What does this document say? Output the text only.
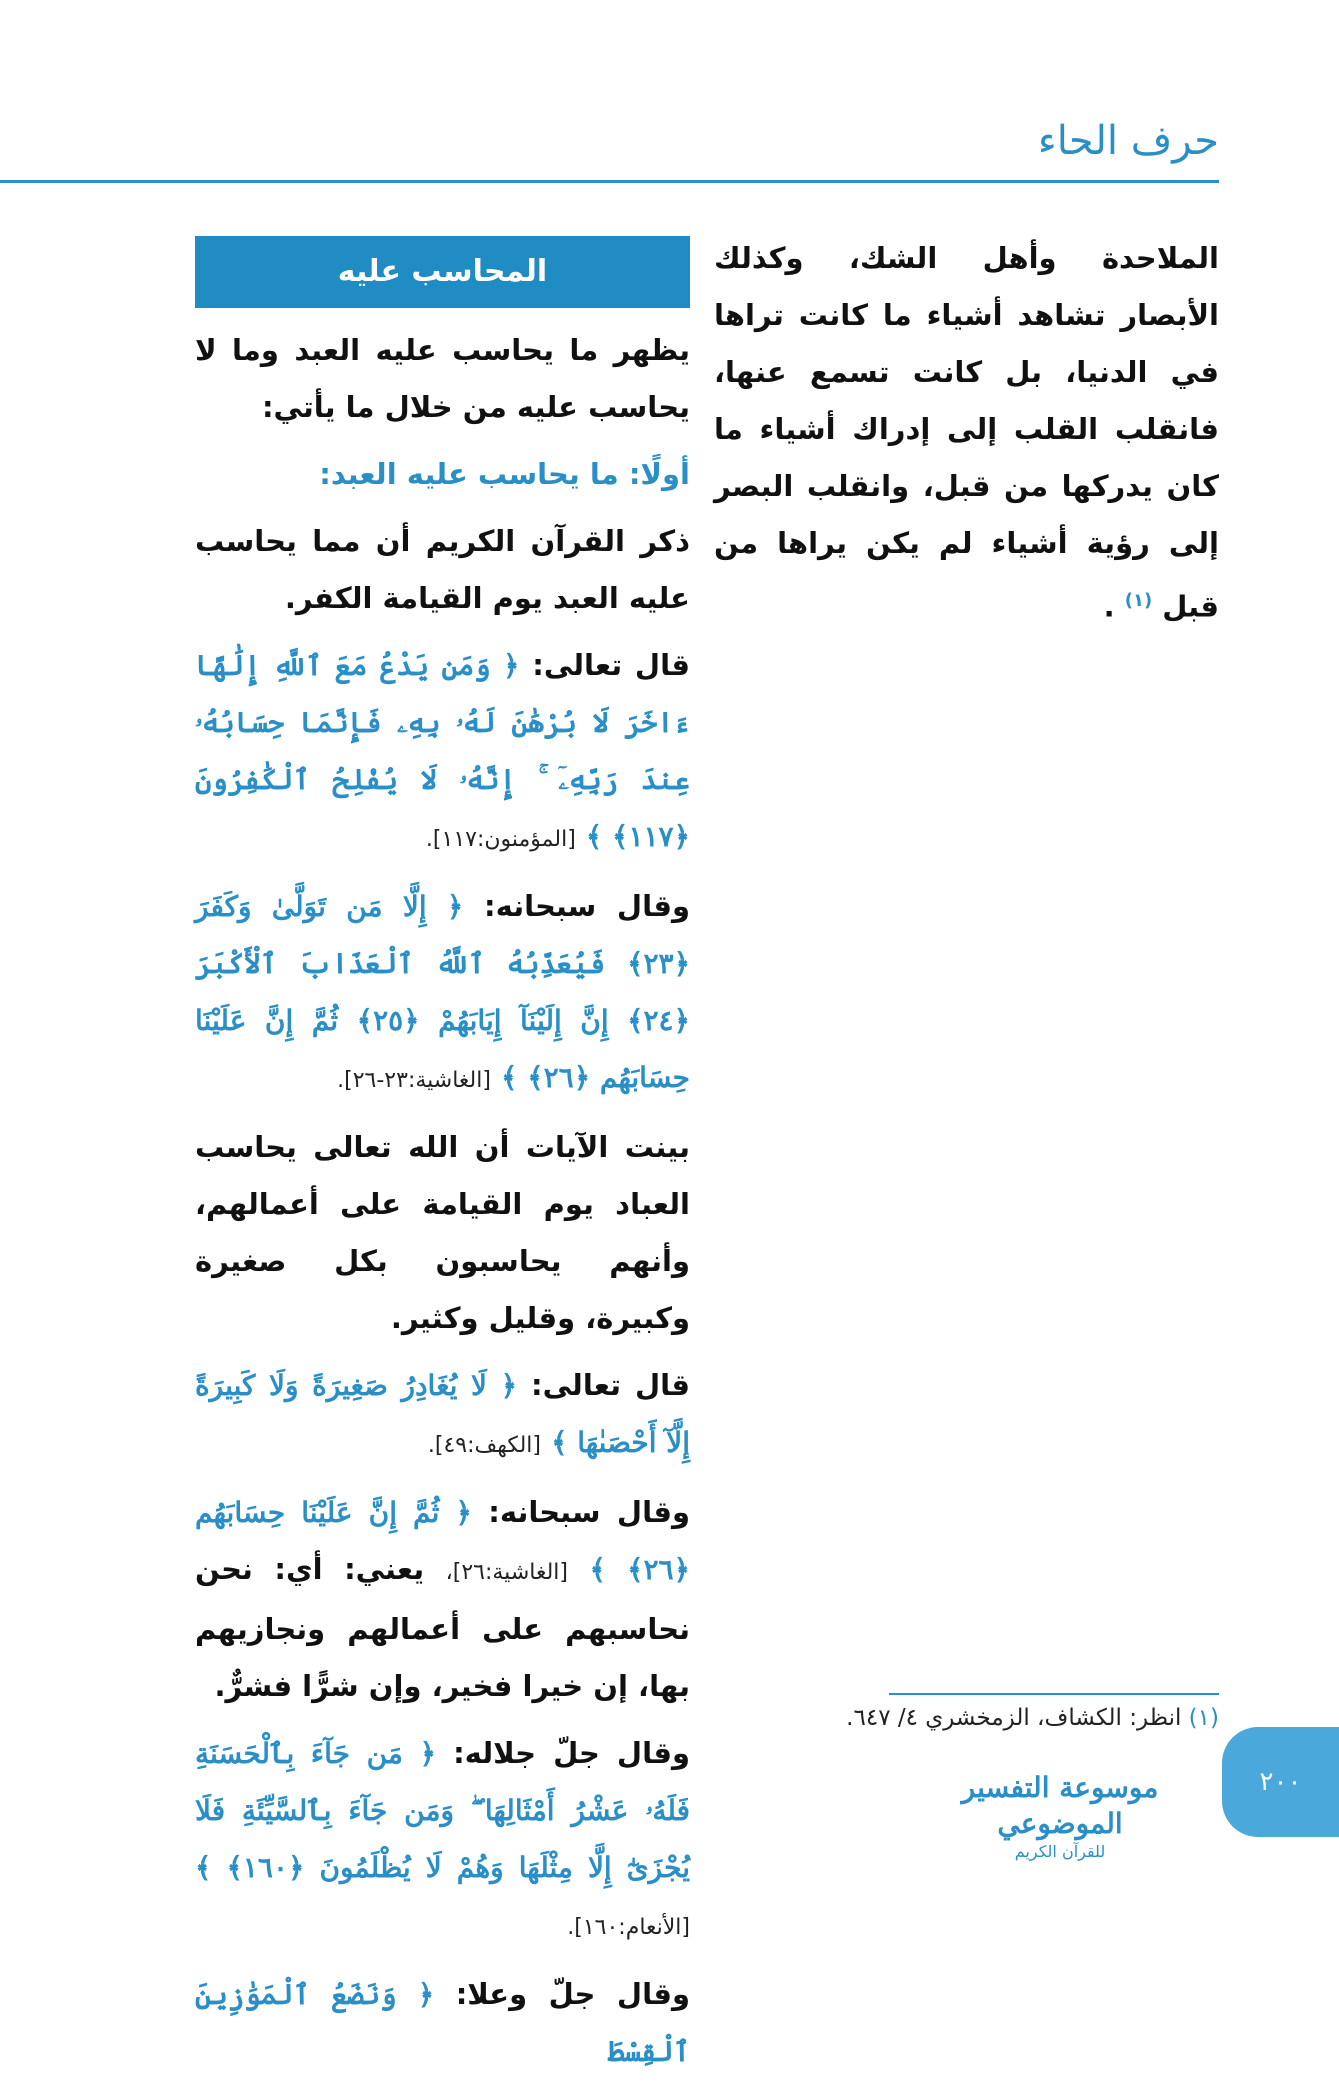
حرف الحاء

الملاحدة وأهل الشك، وكذلك الأبصار تشاهد أشياء ما كانت تراها في الدنيا، بل كانت تسمع عنها، فانقلب القلب إلى إدراك أشياء ما كان يدركها من قبل، وانقلب البصر إلى رؤية أشياء لم يكن يراها من قبل $^{(١)}$ .

المحاسب عليه

يظهر ما يحاسب عليه العبد وما لا يحاسب عليه من خلال ما يأتي:

أولًا: ما يحاسب عليه العبد:

ذكر القرآن الكريم أن مما يحاسب عليه العبد يوم القيامة الكفر.

قال تعالى: ﴿ وَمَن يَدْعُ مَعَ ٱللَّهِ إِلَٰهًا ءَاخَرَ لَا بُرْهَٰنَ لَهُۥ بِهِۦ فَإِنَّمَا حِسَابُهُۥ عِندَ رَبِّهِۦٓ ۚ إِنَّهُۥ لَا يُفْلِحُ ٱلْكَٰفِرُونَ ﴿١١٧﴾ ﴾ [المؤمنون:١١٧].

وقال سبحانه: ﴿ إِلَّا مَن تَوَلَّىٰ وَكَفَرَ ﴿٢٣﴾ فَيُعَذِّبُهُ ٱللَّهُ ٱلْعَذَابَ ٱلْأَكْبَرَ ﴿٢٤﴾ إِنَّ إِلَيْنَآ إِيَابَهُمْ ﴿٢٥﴾ ثُمَّ إِنَّ عَلَيْنَا حِسَابَهُم ﴿٢٦﴾ ﴾ [الغاشية:٢٣-٢٦].

بينت الآيات أن الله تعالى يحاسب العباد يوم القيامة على أعمالهم، وأنهم يحاسبون بكل صغيرة وكبيرة، وقليل وكثير.

قال تعالى: ﴿ لَا يُغَادِرُ صَغِيرَةً وَلَا كَبِيرَةً إِلَّآ أَحْصَىٰهَا ﴾ [الكهف:٤٩].

وقال سبحانه: ﴿ ثُمَّ إِنَّ عَلَيْنَا حِسَابَهُم ﴿٢٦﴾ ﴾ [الغاشية:٢٦]، يعني: أي: نحن نحاسبهم على أعمالهم ونجازيهم بها، إن خيرا فخير، وإن شرًّا فشرٌّ.

وقال جلّ جلاله: ﴿ مَن جَآءَ بِٱلْحَسَنَةِ فَلَهُۥ عَشْرُ أَمْثَالِهَا ۖ وَمَن جَآءَ بِٱلسَّيِّئَةِ فَلَا يُجْزَىٰٓ إِلَّا مِثْلَهَا وَهُمْ لَا يُظْلَمُونَ ﴿١٦٠﴾ ﴾ [الأنعام:١٦٠].

وقال جلّ وعلا: ﴿ وَنَضَعُ ٱلْمَوَٰزِينَ ٱلْقِسْطَ

(١) انظر: الكشاف، الزمخشري ٤/ ٦٤٧.
موسوعة التفسير الموضوعي
للقرآن الكريم
٢٠٠
